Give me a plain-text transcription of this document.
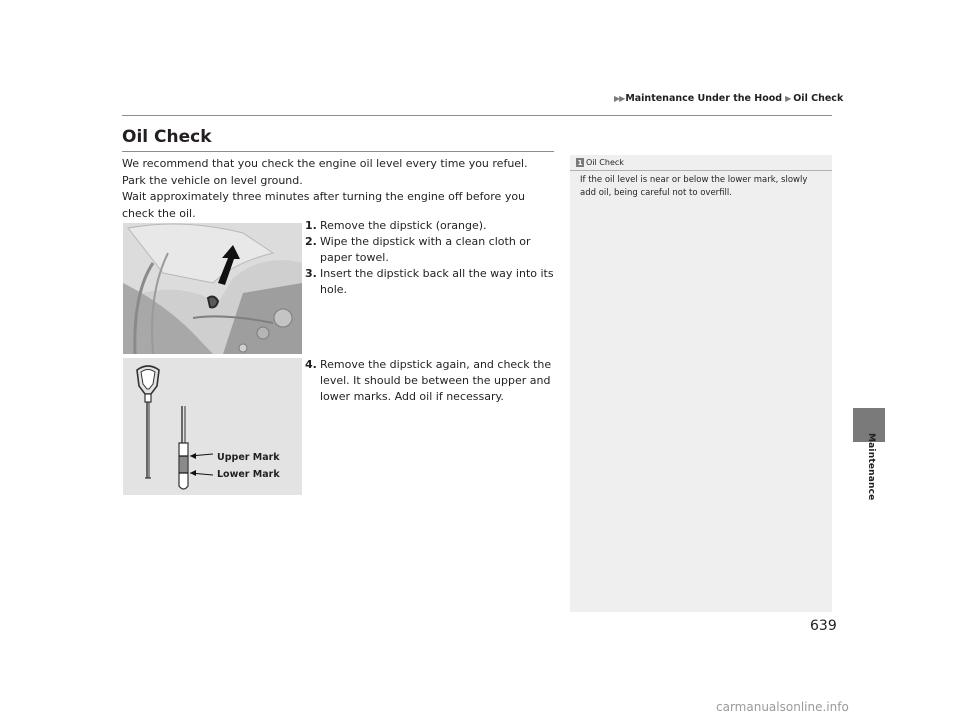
▶▶ Maintenance Under the Hood ▶ Oil Check
Maintenance
Oil Check

We recommend that you check the engine oil level every time you refuel.

Park the vehicle on level ground.

Wait approximately three minutes after turning the engine off before you check the oil.

1. Remove the dipstick (orange).
2. Wipe the dipstick with a clean cloth or paper towel.
3. Insert the dipstick back all the way into its hole.
4. Remove the dipstick again, and check the level. It should be between the upper and lower marks. Add oil if necessary.
Upper Mark
Lower Mark
1 Oil Check
If the oil level is near or below the lower mark, slowly add oil, being careful not to overfill.
639
carmanualsonline.info
